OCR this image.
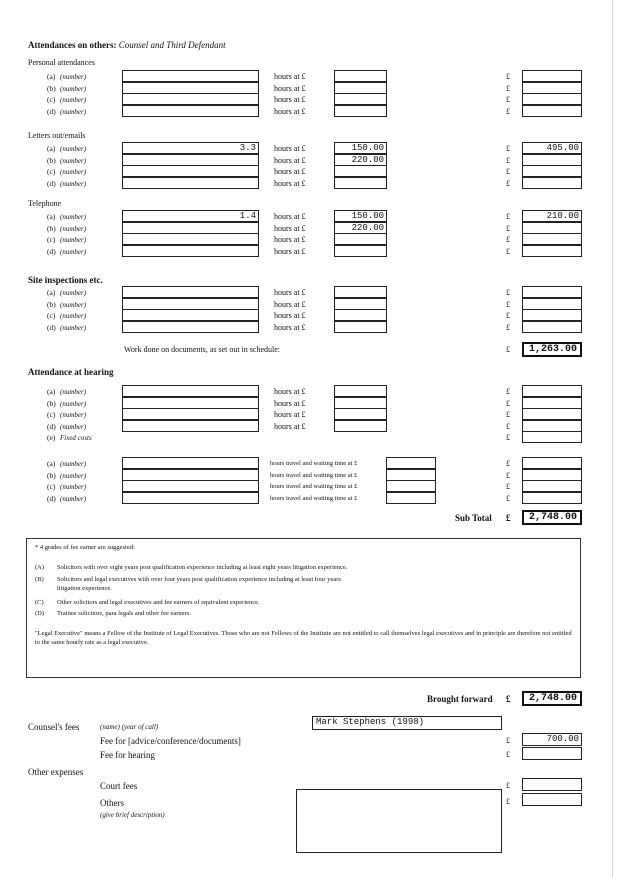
Attendances on others: Counsel and Third Defendant
Personal attendances
(a) (number)	hours at £	£
(b) (number)	hours at £	£
(c) (number)	hours at £	£
(d) (number)	hours at £	£
Letters out/emails
(a) (number)	3.3	hours at £	150.00	£	495.00
(b) (number)	hours at £	220.00	£
(c) (number)	hours at £	£
(d) (number)	hours at £	£
Telephone
(a) (number)	1.4	hours at £	150.00	£	210.00
(b) (number)	hours at £	220.00	£
(c) (number)	hours at £	£
(d) (number)	hours at £	£
Site inspections etc.
(a) (number)	hours at £	£
(b) (number)	hours at £	£
(c) (number)	hours at £	£
(d) (number)	hours at £	£
Attendance at hearing
(a) (number)	hours at £	£
(b) (number)	hours at £	£
(c) (number)	hours at £	£
(d) (number)	hours at £	£
(e) Fixed costs	£
(a) (number)	hours travel and waiting time at £	£
(b) (number)	hours travel and waiting time at £	£
(c) (number)	hours travel and waiting time at £	£
(d) (number)	hours travel and waiting time at £	£
Work done on documents, as set out in schedule:	£	1,263.00
Sub Total £	2,748.00
* 4 grades of fee earner are suggested:
(A) Solicitors with over eight years post qualification experience including at least eight years litigation experience.
(B) Solicitors and legal executives with over four years post qualification experience including at least four years
litigation experience.
(C) Other solicitors and legal executives and fee earners of equivalent experience.
(D) Trainee solicitors, para legals and other fee earners.
"Legal Executive" means a Fellow of the Institute of Legal Executives. Those who are not Fellows of the Institute are not entitled to call themselves legal executives and in principle are therefore not entitled to the same hourly rate as a legal executive.
Brought forward £	2,748.00
Counsel's fees	(name) (year of call)	Mark Stephens (1998)
Fee for [advice/conference/documents]	£	700.00
Fee for hearing	£
Other expenses
Court fees	£
Others
(give brief description)
£
